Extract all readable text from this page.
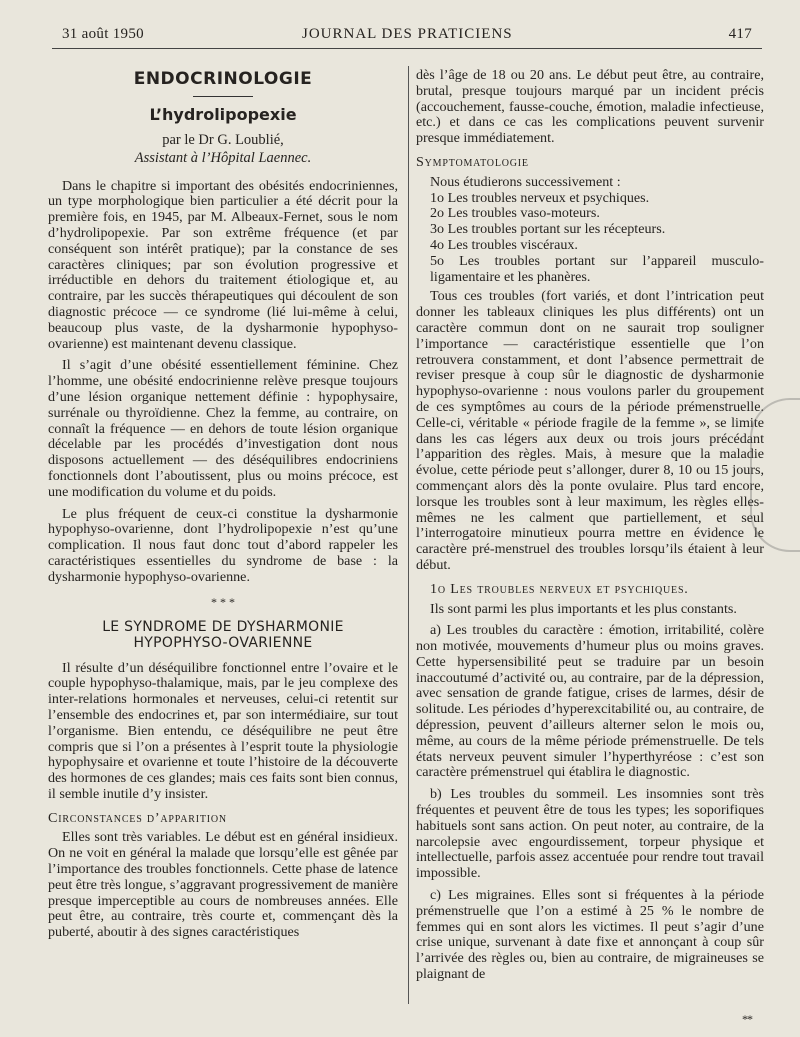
31 août 1950	JOURNAL DES PRATICIENS	417
ENDOCRINOLOGIE
L’hydrolipopexie
par le Dr G. Loublié,
Assistant à l’Hôpital Laennec.

Dans le chapitre si important des obésités endocriniennes, un type morphologique bien particulier a été décrit pour la première fois, en 1945, par M. Albeaux-Fernet, sous le nom d’hydrolipopexie. Par son extrême fréquence (et par conséquent son intérêt pratique); par la constance de ses caractères cliniques; par son évolution progressive et irréductible en dehors du traitement étiologique et, au contraire, par les succès thérapeutiques qui découlent de son diagnostic précoce — ce syndrome (lié lui-même à celui, beaucoup plus vaste, de la dysharmonie hypophyso-ovarienne) est maintenant devenu classique.

Il s’agit d’une obésité essentiellement féminine. Chez l’homme, une obésité endocrinienne relève presque toujours d’une lésion organique nettement définie : hypophysaire, surrénale ou thyroïdienne. Chez la femme, au contraire, on connaît la fréquence — en dehors de toute lésion organique décelable par les procédés d’investigation dont nous disposons actuellement — des déséquilibres endocriniens fonctionnels dont l’aboutissent, plus ou moins précoce, est une modification du volume et du poids.

Le plus fréquent de ceux-ci constitue la dysharmonie hypophyso-ovarienne, dont l’hydrolipopexie n’est qu’une complication. Il nous faut donc tout d’abord rappeler les caractéristiques essentielles du syndrome de base : la dysharmonie hypophyso-ovarienne.

* * *
LE SYNDROME DE DYSHARMONIE
HYPOPHYSO-OVARIENNE

Il résulte d’un déséquilibre fonctionnel entre l’ovaire et le couple hypophyso-thalamique, mais, par le jeu complexe des inter-relations hormonales et nerveuses, celui-ci retentit sur l’ensemble des endocrines et, par son intermédiaire, sur tout l’organisme. Bien entendu, ce déséquilibre ne peut être compris que si l’on a présentes à l’esprit toute la physiologie hypophysaire et ovarienne et toute l’histoire de la découverte des hormones de ces glandes; mais ces faits sont bien connus, il semble inutile d’y insister.

Circonstances d’apparition

Elles sont très variables. Le début est en général insidieux. On ne voit en général la malade que lorsqu’elle est gênée par l’importance des troubles fonctionnels. Cette phase de latence peut être très longue, s’aggravant progressivement de manière presque imperceptible au cours de nombreuses années. Elle peut être, au contraire, très courte et, commençant dès la puberté, aboutir à des signes caractéristiques

dès l’âge de 18 ou 20 ans. Le début peut être, au contraire, brutal, presque toujours marqué par un incident précis (accouchement, fausse-couche, émotion, maladie infectieuse, etc.) et dans ce cas les complications peuvent survenir presque immédiatement.

Symptomatologie
Nous étudierons successivement :
1o Les troubles nerveux et psychiques.
2o Les troubles vaso-moteurs.
3o Les troubles portant sur les récepteurs.
4o Les troubles viscéraux.
5o Les troubles portant sur l’appareil musculo-ligamentaire et les phanères.

Tous ces troubles (fort variés, et dont l’intrication peut donner les tableaux cliniques les plus différents) ont un caractère commun dont on ne saurait trop souligner l’importance — caractéristique essentielle que l’on retrouvera constamment, et dont l’absence permettrait de reviser presque à coup sûr le diagnostic de dysharmonie hypophyso-ovarienne : nous voulons parler du groupement de ces symptômes au cours de la période prémenstruelle. Celle-ci, véritable « période fragile de la femme », se limite dans les cas légers aux deux ou trois jours précédant l’apparition des règles. Mais, à mesure que la maladie évolue, cette période peut s’allonger, durer 8, 10 ou 15 jours, commençant alors dès la ponte ovulaire. Plus tard encore, lorsque les troubles sont à leur maximum, les règles elles-mêmes ne les calment que partiellement, et seul l’interrogatoire minutieux pourra mettre en évidence le caractère pré-menstruel des troubles lorsqu’ils étaient à leur début.

1o Les troubles nerveux et psychiques.

Ils sont parmi les plus importants et les plus constants.

a) Les troubles du caractère : émotion, irritabilité, colère non motivée, mouvements d’humeur plus ou moins graves. Cette hypersensibilité peut se traduire par un besoin inaccoutumé d’activité ou, au contraire, par de la dépression, avec sensation de grande fatigue, crises de larmes, désir de solitude. Les périodes d’hyperexcitabilité ou, au contraire, de dépression, peuvent d’ailleurs alterner selon le mois ou, même, au cours de la même période prémenstruelle. De tels états nerveux peuvent simuler l’hyperthyréose : c’est son caractère prémenstruel qui établira le diagnostic.

b) Les troubles du sommeil. Les insomnies sont très fréquentes et peuvent être de tous les types; les soporifiques habituels sont sans action. On peut noter, au contraire, de la narcolepsie avec engourdissement, torpeur physique et intellectuelle, parfois assez accentuée pour rendre tout travail impossible.

c) Les migraines. Elles sont si fréquentes à la période prémenstruelle que l’on a estimé à 25 % le nombre de femmes qui en sont alors les victimes. Il peut s’agir d’une crise unique, survenant à date fixe et annonçant à coup sûr l’arrivée des règles ou, bien au contraire, de migraineuses se plaignant de

**
